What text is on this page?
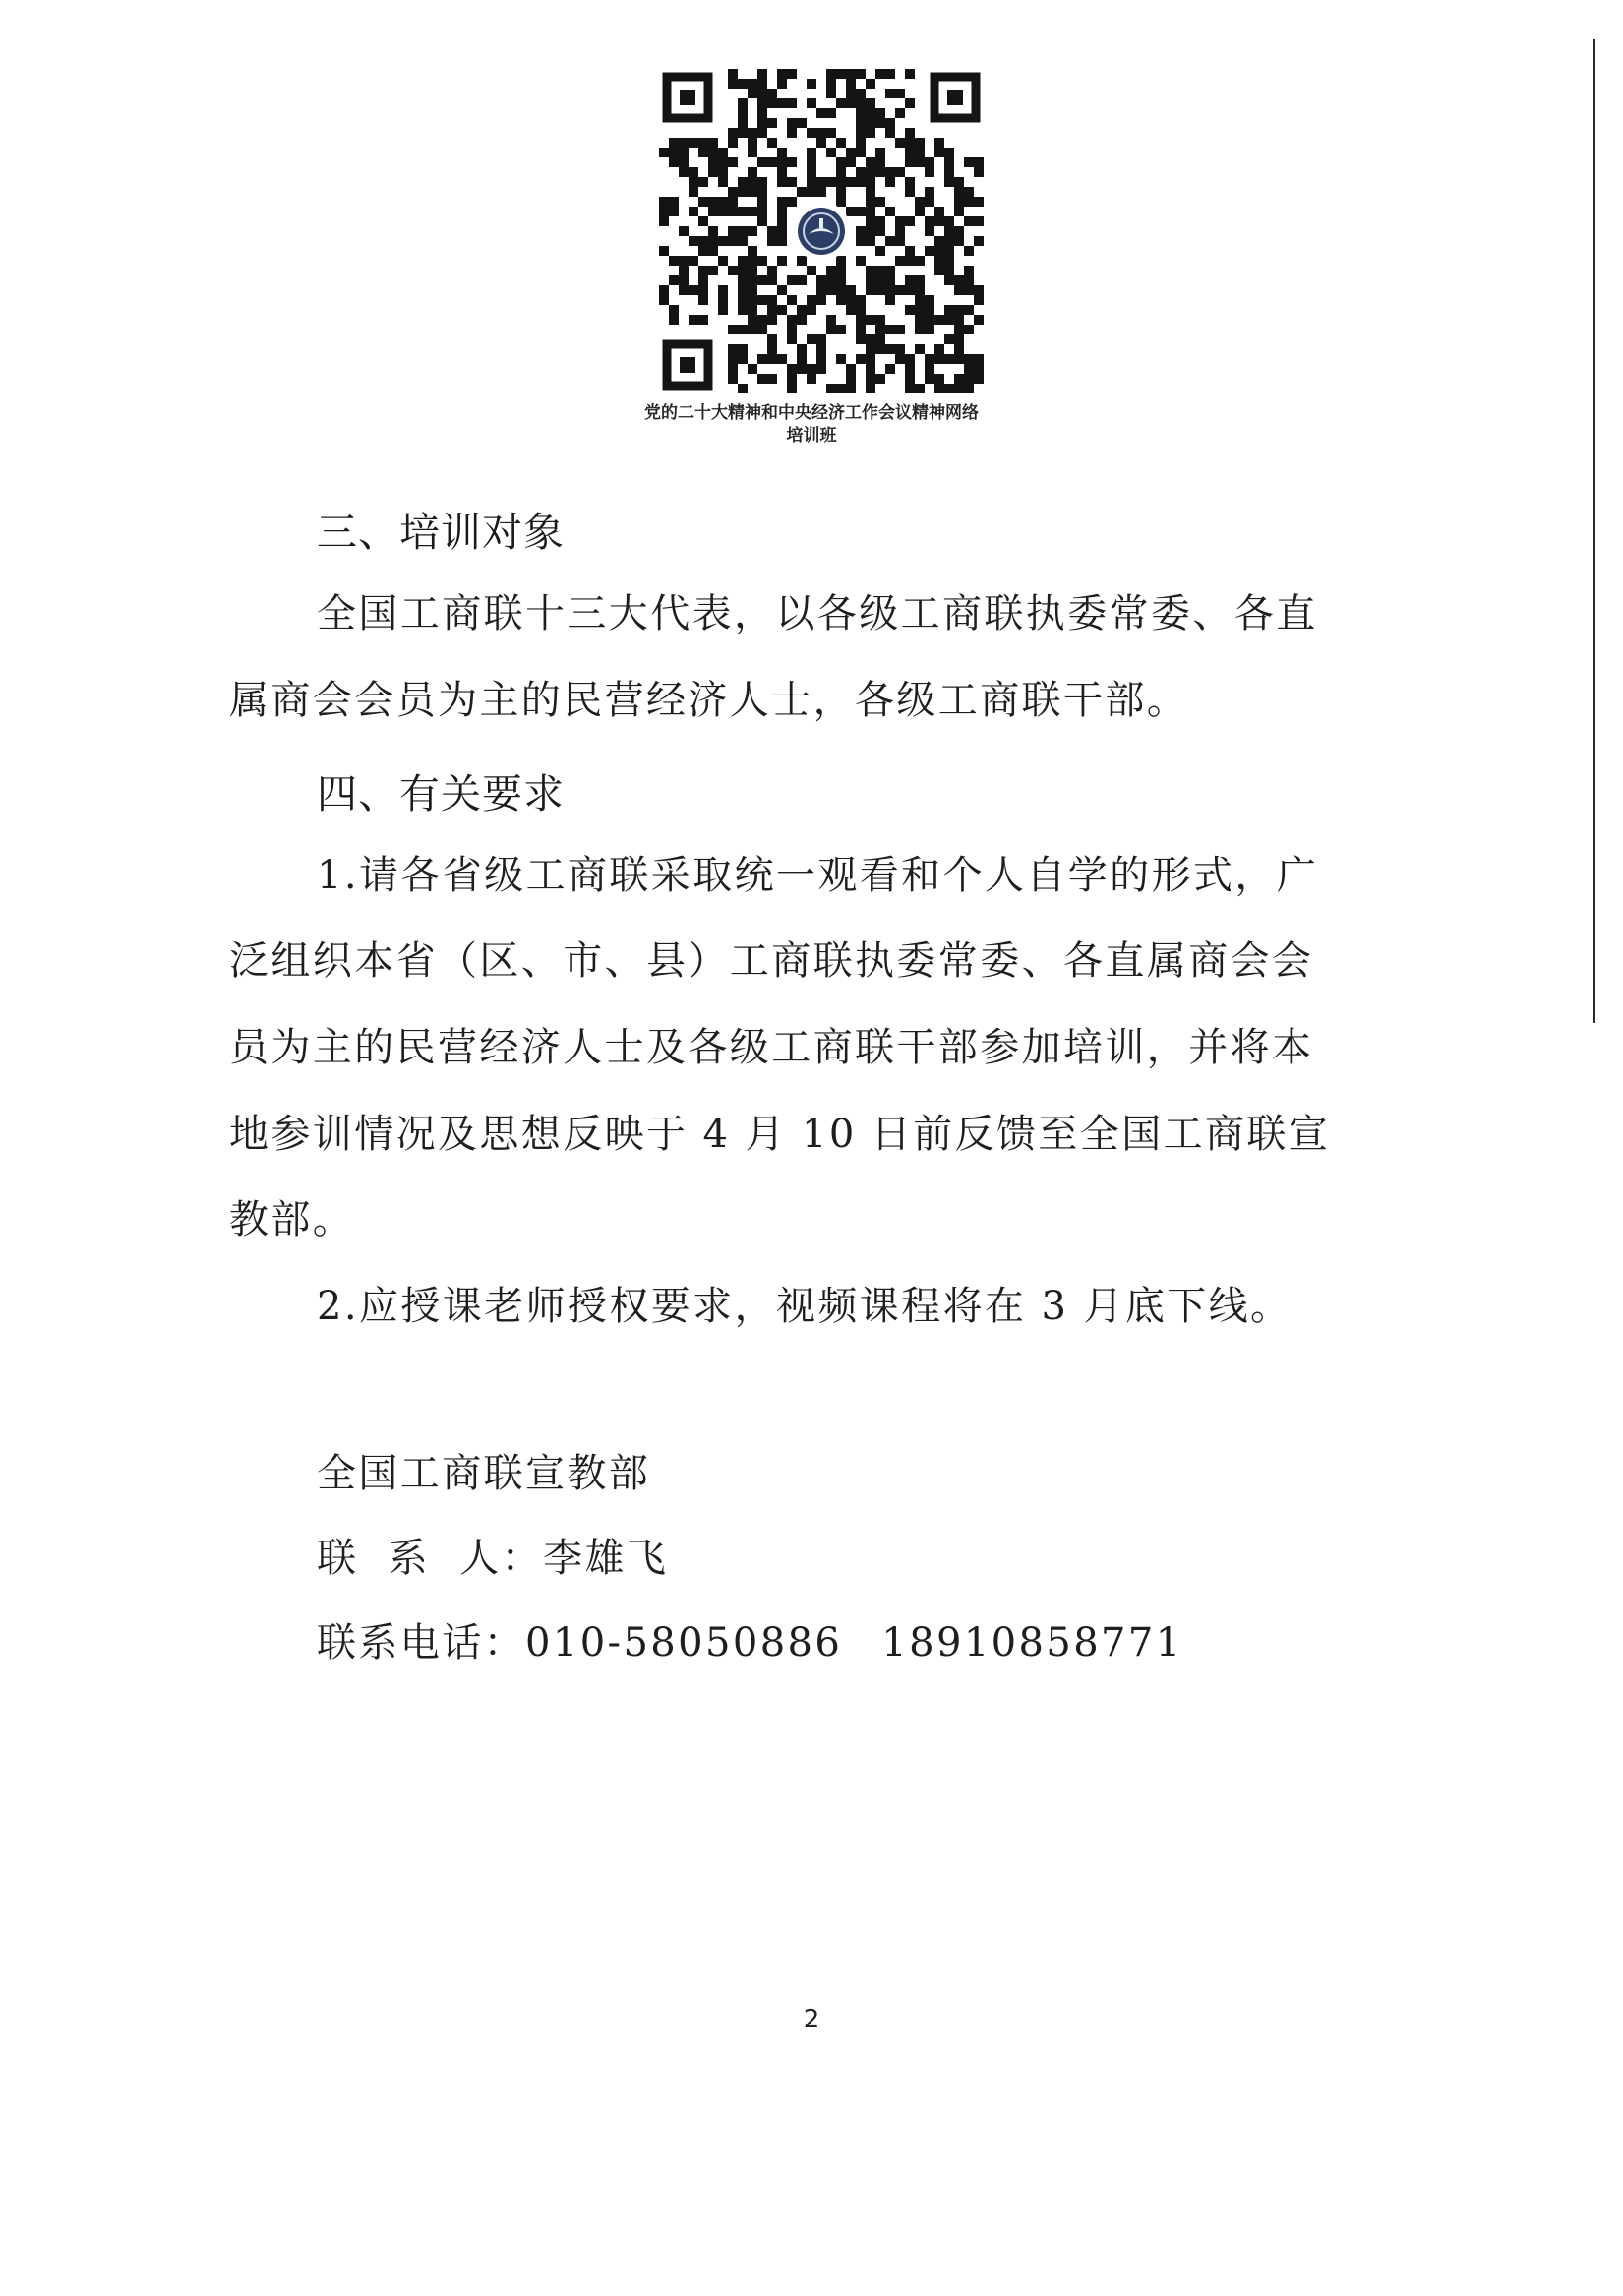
党的二十大精神和中央经济工作会议精神网络
培训班
三、培训对象
全国工商联十三大代表，以各级工商联执委常委、各直
属商会会员为主的民营经济人士，各级工商联干部。
四、有关要求
1.请各省级工商联采取统一观看和个人自学的形式，广
泛组织本省（区、市、县）工商联执委常委、各直属商会会
员为主的民营经济人士及各级工商联干部参加培训，并将本
地参训情况及思想反映于 4 月 10 日前反馈至全国工商联宣
教部。
2.应授课老师授权要求，视频课程将在 3 月底下线。
全国工商联宣教部
联  系  人：李雄飞
联系电话：010-58050886 18910858771
2
